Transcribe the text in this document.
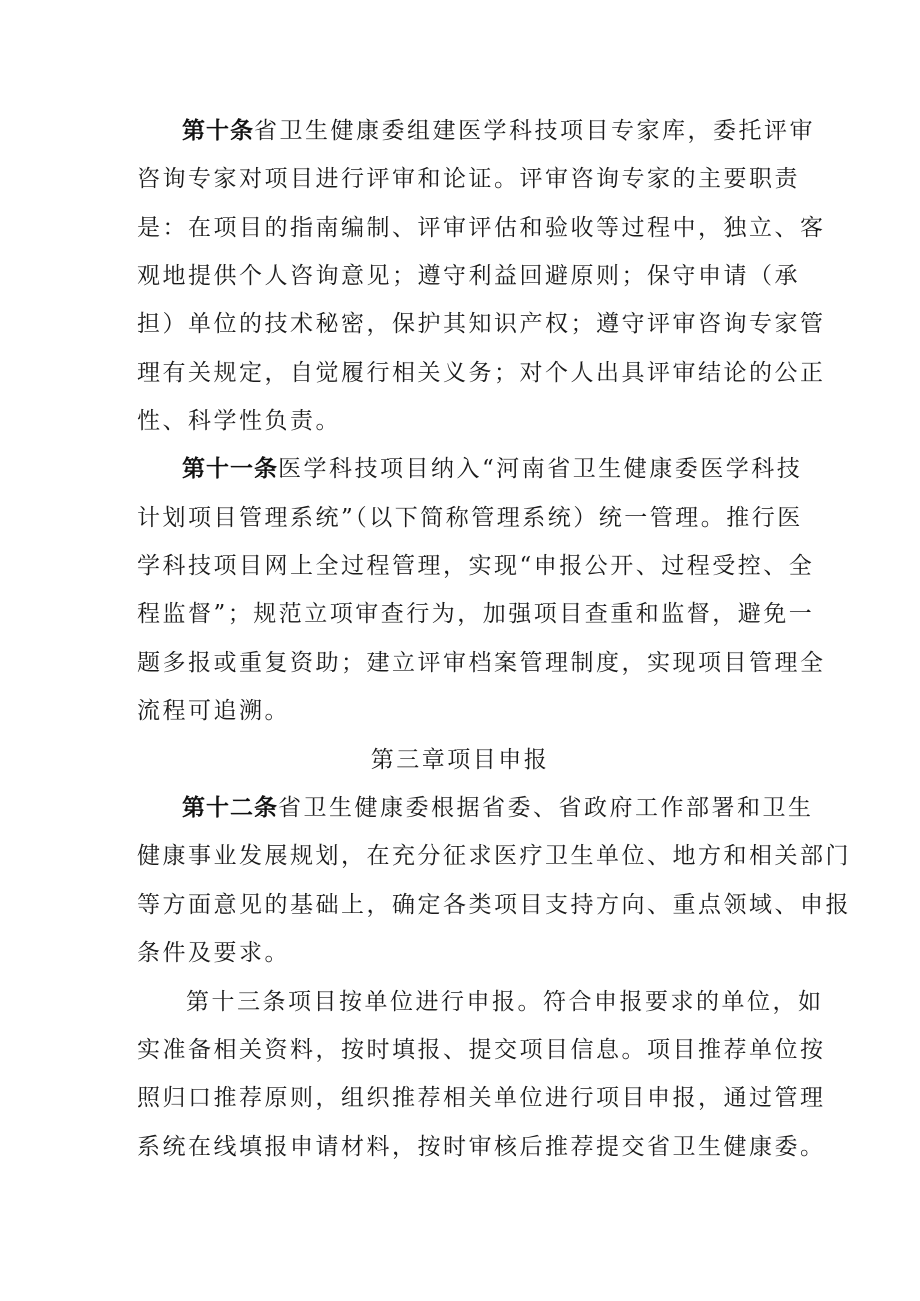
第十条省卫生健康委组建医学科技项目专家库，委托评审
咨询专家对项目进行评审和论证。评审咨询专家的主要职责
是：在项目的指南编制、评审评估和验收等过程中，独立、客
观地提供个人咨询意见；遵守利益回避原则；保守申请（承
担）单位的技术秘密，保护其知识产权；遵守评审咨询专家管
理有关规定，自觉履行相关义务；对个人出具评审结论的公正
性、科学性负责。
第十一条医学科技项目纳入“河南省卫生健康委医学科技
计划项目管理系统”（以下简称管理系统）统一管理。推行医
学科技项目网上全过程管理，实现“申报公开、过程受控、全
程监督”；规范立项审查行为，加强项目查重和监督，避免一
题多报或重复资助；建立评审档案管理制度，实现项目管理全
流程可追溯。
第三章项目申报
第十二条省卫生健康委根据省委、省政府工作部署和卫生
健康事业发展规划，在充分征求医疗卫生单位、地方和相关部门
等方面意见的基础上，确定各类项目支持方向、重点领域、申报
条件及要求。
第十三条项目按单位进行申报。符合申报要求的单位，如
实准备相关资料，按时填报、提交项目信息。项目推荐单位按
照归口推荐原则，组织推荐相关单位进行项目申报，通过管理
系统在线填报申请材料，按时审核后推荐提交省卫生健康委。
